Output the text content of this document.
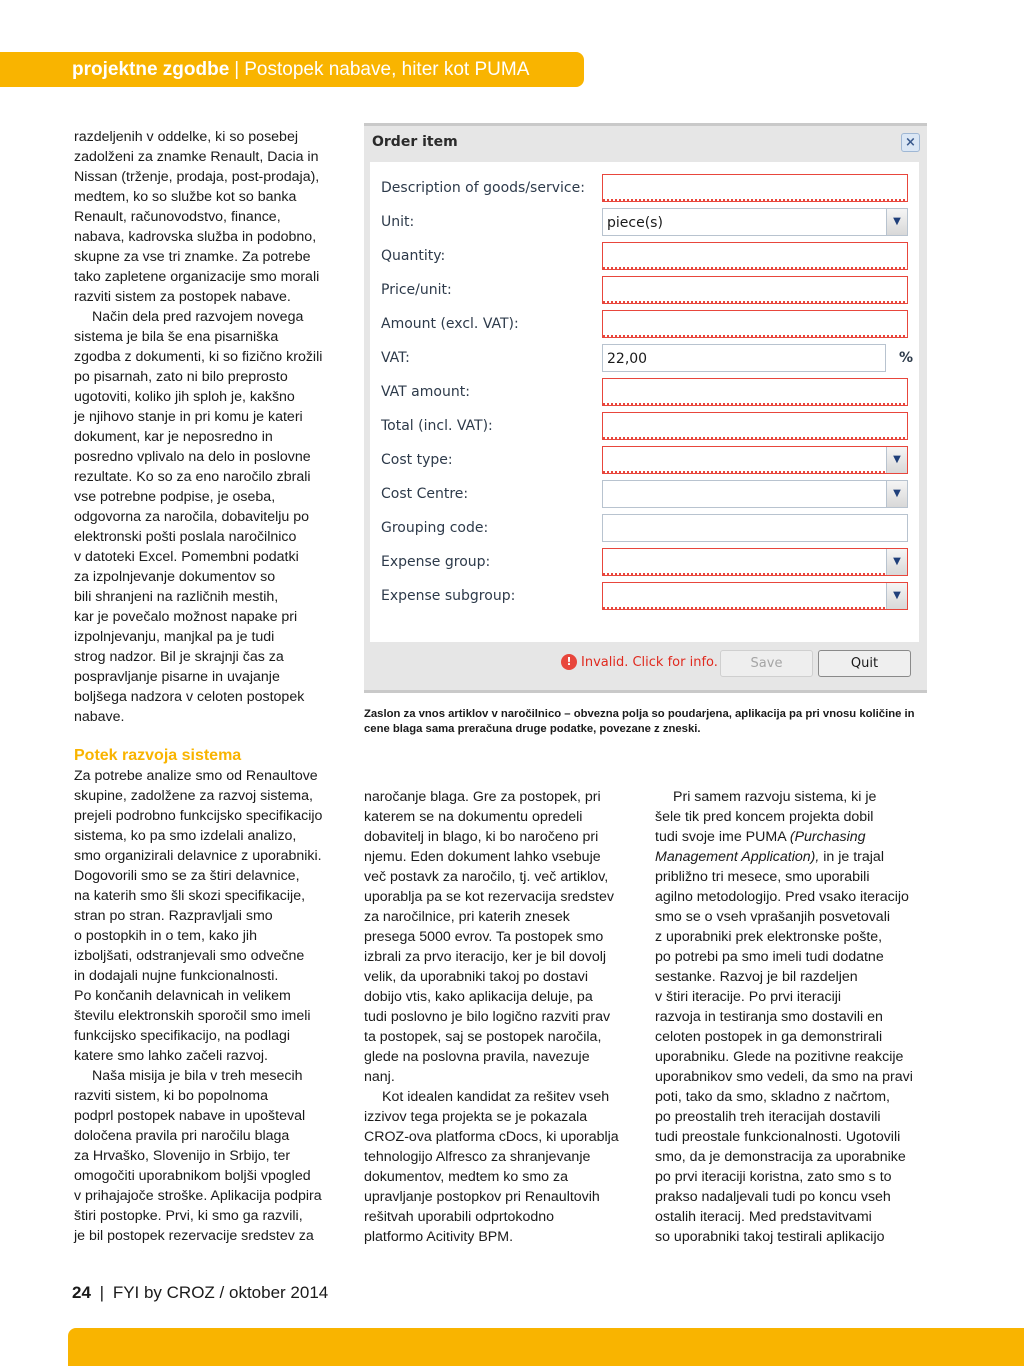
projektne zgodbe | Postopek nabave, hiter kot PUMA
razdeljenih v oddelke, ki so posebej
zadolženi za znamke Renault, Dacia in
Nissan (trženje, prodaja, post-prodaja),
medtem, ko so službe kot so banka
Renault, računovodstvo, finance,
nabava, kadrovska služba in podobno,
skupne za vse tri znamke. Za potrebe
tako zapletene organizacije smo morali
razviti sistem za postopek nabave.
Način dela pred razvojem novega
sistema je bila še ena pisarniška
zgodba z dokumenti, ki so fizično krožili
po pisarnah, zato ni bilo preprosto
ugotoviti, koliko jih sploh je, kakšno
je njihovo stanje in pri komu je kateri
dokument, kar je neposredno in
posredno vplivalo na delo in poslovne
rezultate. Ko so za eno naročilo zbrali
vse potrebne podpise, je oseba,
odgovorna za naročila, dobavitelju po
elektronski pošti poslala naročilnico
v datoteki Excel. Pomembni podatki
za izpolnjevanje dokumentov so
bili shranjeni na različnih mestih,
kar je povečalo možnost napake pri
izpolnjevanju, manjkal pa je tudi
strog nadzor. Bil je skrajnji čas za
pospravljanje pisarne in uvajanje
boljšega nadzora v celoten postopek
nabave.
Potek razvoja sistema
Za potrebe analize smo od Renaultove
skupine, zadolžene za razvoj sistema,
prejeli podrobno funkcijsko specifikacijo
sistema, ko pa smo izdelali analizo,
smo organizirali delavnice z uporabniki.
Dogovorili smo se za štiri delavnice,
na katerih smo šli skozi specifikacije,
stran po stran. Razpravljali smo
o postopkih in o tem, kako jih
izboljšati, odstranjevali smo odvečne
in dodajali nujne funkcionalnosti.
Po končanih delavnicah in velikem
številu elektronskih sporočil smo imeli
funkcijsko specifikacijo, na podlagi
katere smo lahko začeli razvoj.
Naša misija je bila v treh mesecih
razviti sistem, ki bo popolnoma
podprl postopek nabave in upošteval
določena pravila pri naročilu blaga
za Hrvaško, Slovenijo in Srbijo, ter
omogočiti uporabnikom boljši vpogled
v prihajajoče stroške. Aplikacija podpira
štiri postopke. Prvi, ki smo ga razvili,
je bil postopek rezervacije sredstev za
naročanje blaga. Gre za postopek, pri
katerem se na dokumentu opredeli
dobavitelj in blago, ki bo naročeno pri
njemu. Eden dokument lahko vsebuje
več postavk za naročilo, tj. več artiklov,
uporablja pa se kot rezervacija sredstev
za naročilnice, pri katerih znesek
presega 5000 evrov. Ta postopek smo
izbrali za prvo iteracijo, ker je bil dovolj
velik, da uporabniki takoj po dostavi
dobijo vtis, kako aplikacija deluje, pa
tudi poslovno je bilo logično razviti prav
ta postopek, saj se postopek naročila,
glede na poslovna pravila, navezuje
nanj.
Kot idealen kandidat za rešitev vseh
izzivov tega projekta se je pokazala
CROZ-ova platforma cDocs, ki uporablja
tehnologijo Alfresco za shranjevanje
dokumentov, medtem ko smo za
upravljanje postopkov pri Renaultovih
rešitvah uporabili odprtokodno
platformo Acitivity BPM.
Pri samem razvoju sistema, ki je
šele tik pred koncem projekta dobil
tudi svoje ime PUMA (Purchasing
Management Application), in je trajal
približno tri mesece, smo uporabili
agilno metodologijo. Pred vsako iteracijo
smo se o vseh vprašanjih posvetovali
z uporabniki prek elektronske pošte,
po potrebi pa smo imeli tudi dodatne
sestanke. Razvoj je bil razdeljen
v štiri iteracije. Po prvi iteraciji
razvoja in testiranja smo dostavili en
celoten postopek in ga demonstrirali
uporabniku. Glede na pozitivne reakcije
uporabnikov smo vedeli, da smo na pravi
poti, tako da smo, skladno z načrtom,
po preostalih treh iteracijah dostavili
tudi preostale funkcionalnosti. Ugotovili
smo, da je demonstracija za uporabnike
po prvi iteraciji koristna, zato smo s to
prakso nadaljevali tudi po koncu vseh
ostalih iteracij. Med predstavitvami
so uporabniki takoj testirali aplikacijo
Order item	×
Description of goods/service:
Unit:	piece(s)	▼
Quantity:
Price/unit:
Amount (excl. VAT):
VAT:	22,00	%
VAT amount:
Total (incl. VAT):
Cost type:	▼
Cost Centre:	▼
Grouping code:
Expense group:	▼
Expense subgroup:	▼
! Invalid. Click for info.	Save	Quit
Zaslon za vnos artiklov v naročilnico – obvezna polja so poudarjena, aplikacija pa pri vnosu količine in cene blaga sama preračuna druge podatke, povezane z zneski.
24 | FYI by CROZ / oktober 2014
